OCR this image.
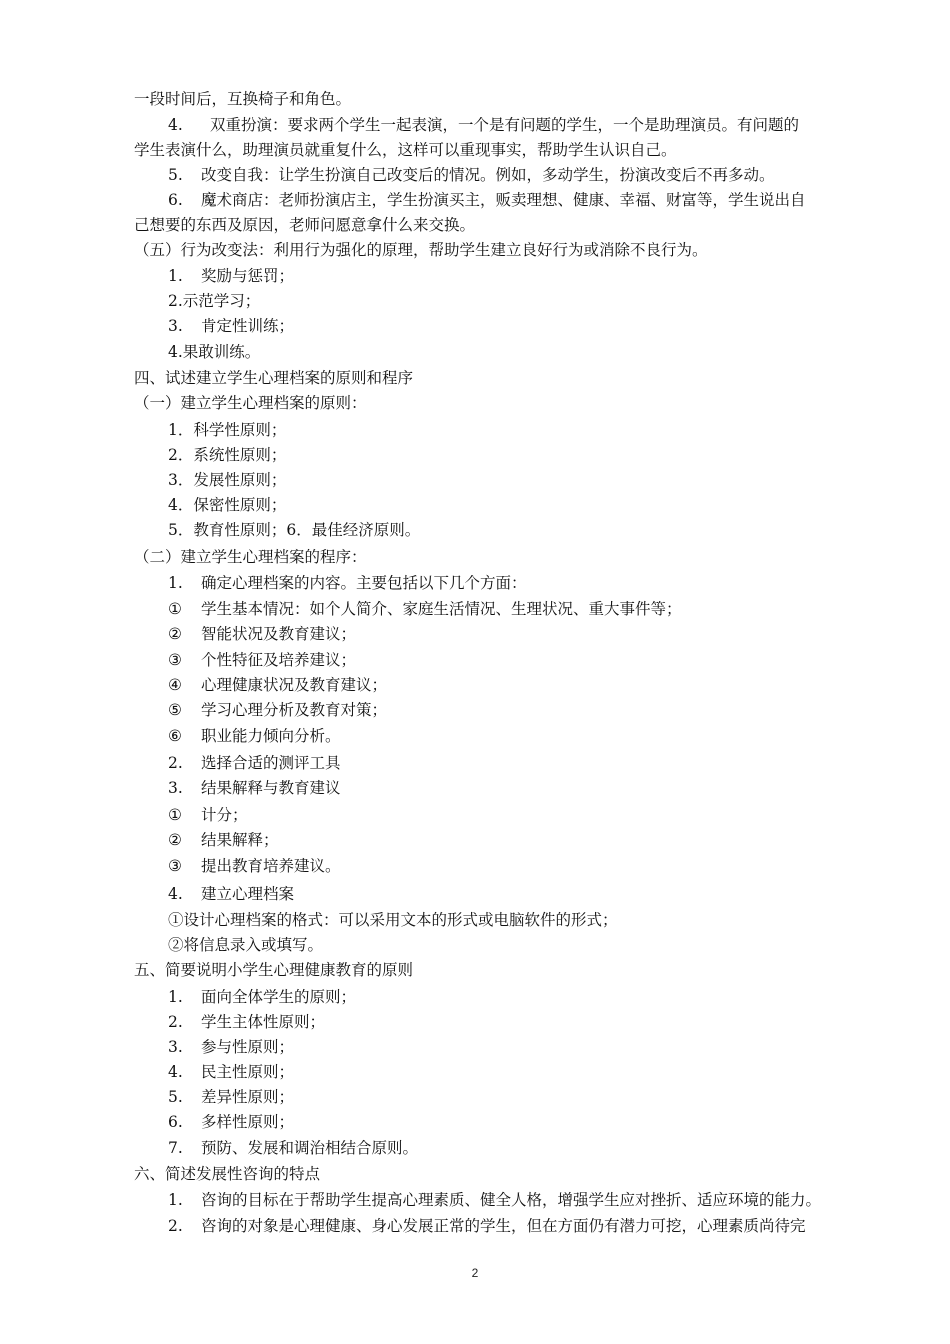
一段时间后，互换椅子和角色。
4. 双重扮演：要求两个学生一起表演，一个是有问题的学生，一个是助理演员。有问题的
学生表演什么，助理演员就重复什么，这样可以重现事实，帮助学生认识自己。
5. 改变自我：让学生扮演自己改变后的情况。例如，多动学生，扮演改变后不再多动。
6. 魔术商店：老师扮演店主，学生扮演买主，贩卖理想、健康、幸福、财富等，学生说出自
己想要的东西及原因，老师问愿意拿什么来交换。
（五）行为改变法：利用行为强化的原理，帮助学生建立良好行为或消除不良行为。
1. 奖励与惩罚；
2.示范学习；
3. 肯定性训练；
4.果敢训练。
四、试述建立学生心理档案的原则和程序
（一）建立学生心理档案的原则：
1．科学性原则；
2．系统性原则；
3．发展性原则；
4．保密性原则；
5．教育性原则；6．最佳经济原则。
（二）建立学生心理档案的程序：
1. 确定心理档案的内容。主要包括以下几个方面：
① 学生基本情况：如个人简介、家庭生活情况、生理状况、重大事件等；
② 智能状况及教育建议；
③ 个性特征及培养建议；
④ 心理健康状况及教育建议；
⑤ 学习心理分析及教育对策；
⑥ 职业能力倾向分析。
2. 选择合适的测评工具
3. 结果解释与教育建议
① 计分；
② 结果解释；
③ 提出教育培养建议。
4. 建立心理档案
①设计心理档案的格式：可以采用文本的形式或电脑软件的形式；
②将信息录入或填写。
五、简要说明小学生心理健康教育的原则
1. 面向全体学生的原则；
2. 学生主体性原则；
3. 参与性原则；
4. 民主性原则；
5. 差异性原则；
6. 多样性原则；
7. 预防、发展和调治相结合原则。
六、简述发展性咨询的特点
1. 咨询的目标在于帮助学生提高心理素质、健全人格，增强学生应对挫折、适应环境的能力。
2. 咨询的对象是心理健康、身心发展正常的学生，但在方面仍有潜力可挖，心理素质尚待完
2
